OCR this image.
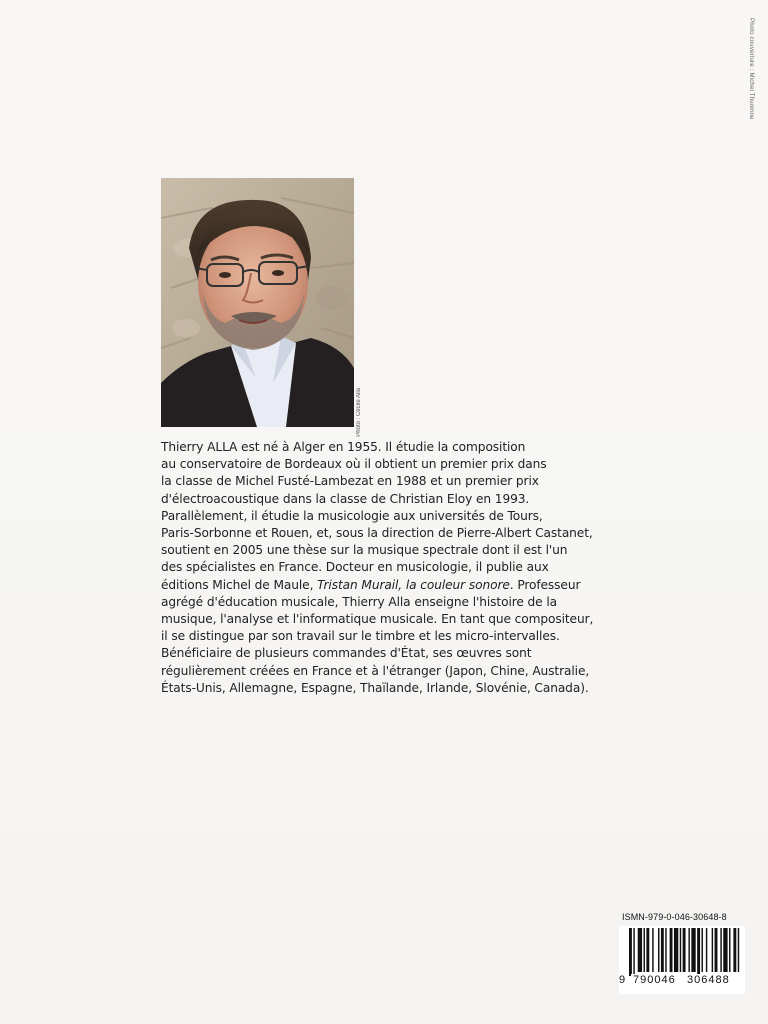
Photo couverture : Michel Thuomne
Photo : Cécile Alla
Thierry ALLA est né à Alger en 1955. Il étudie la composition
au conservatoire de Bordeaux où il obtient un premier prix dans
la classe de Michel Fusté-Lambezat en 1988 et un premier prix
d'électroacoustique dans la classe de Christian Eloy en 1993.
Parallèlement, il étudie la musicologie aux universités de Tours,
Paris-Sorbonne et Rouen, et, sous la direction de Pierre-Albert Castanet,
soutient en 2005 une thèse sur la musique spectrale dont il est l'un
des spécialistes en France. Docteur en musicologie, il publie aux
éditions Michel de Maule, Tristan Murail, la couleur sonore. Professeur
agrégé d'éducation musicale, Thierry Alla enseigne l'histoire de la
musique, l'analyse et l'informatique musicale. En tant que compositeur,
il se distingue par son travail sur le timbre et les micro-intervalles.
Bénéficiaire de plusieurs commandes d'État, ses œuvres sont
régulièrement créées en France et à l'étranger (Japon, Chine, Australie,
États-Unis, Allemagne, Espagne, Thaïlande, Irlande, Slovénie, Canada).
ISMN-979-0-046-30648-8
9 790046 306488
